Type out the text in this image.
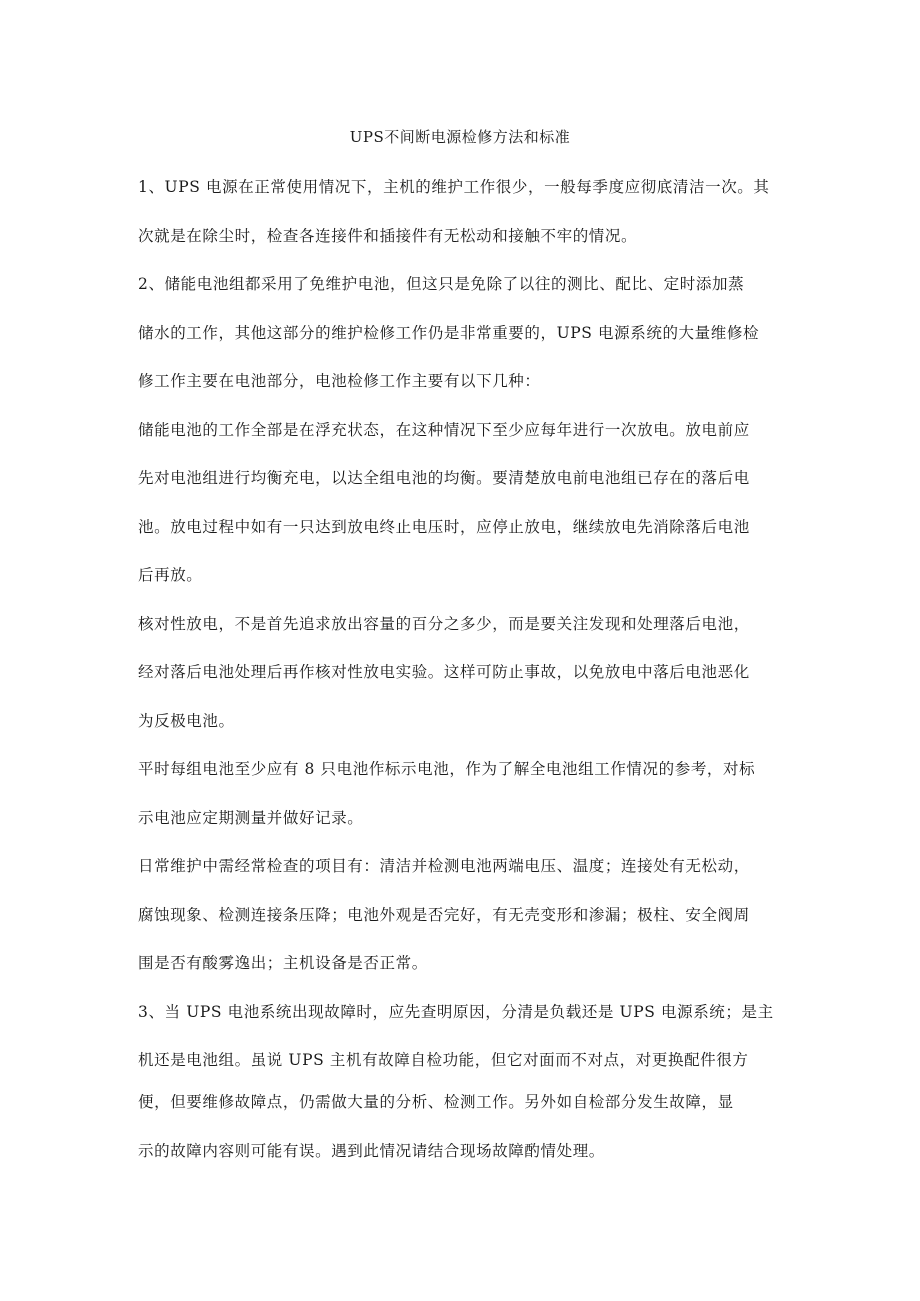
UPS不间断电源检修方法和标准
1、UPS 电源在正常使用情况下，主机的维护工作很少，一般每季度应彻底清洁一次。其
次就是在除尘时，检查各连接件和插接件有无松动和接触不牢的情况。
2、储能电池组都采用了免维护电池，但这只是免除了以往的测比、配比、定时添加蒸
储水的工作，其他这部分的维护检修工作仍是非常重要的，UPS 电源系统的大量维修检
修工作主要在电池部分，电池检修工作主要有以下几种：
储能电池的工作全部是在浮充状态，在这种情况下至少应每年进行一次放电。放电前应
先对电池组进行均衡充电，以达全组电池的均衡。要清楚放电前电池组已存在的落后电
池。放电过程中如有一只达到放电终止电压时，应停止放电，继续放电先消除落后电池
后再放。
核对性放电，不是首先追求放出容量的百分之多少，而是要关注发现和处理落后电池，
经对落后电池处理后再作核对性放电实验。这样可防止事故，以免放电中落后电池恶化
为反极电池。
平时每组电池至少应有 8 只电池作标示电池，作为了解全电池组工作情况的参考，对标
示电池应定期测量并做好记录。
日常维护中需经常检查的项目有：清洁并检测电池两端电压、温度；连接处有无松动，
腐蚀现象、检测连接条压降；电池外观是否完好，有无壳变形和渗漏；极柱、安全阀周
围是否有酸雾逸出；主机设备是否正常。
3、当 UPS 电池系统出现故障时，应先查明原因，分清是负载还是 UPS 电源系统；是主
机还是电池组。虽说 UPS 主机有故障自检功能，但它对面而不对点，对更换配件很方
便，但要维修故障点，仍需做大量的分析、检测工作。另外如自检部分发生故障，显
示的故障内容则可能有误。遇到此情况请结合现场故障酌情处理。
